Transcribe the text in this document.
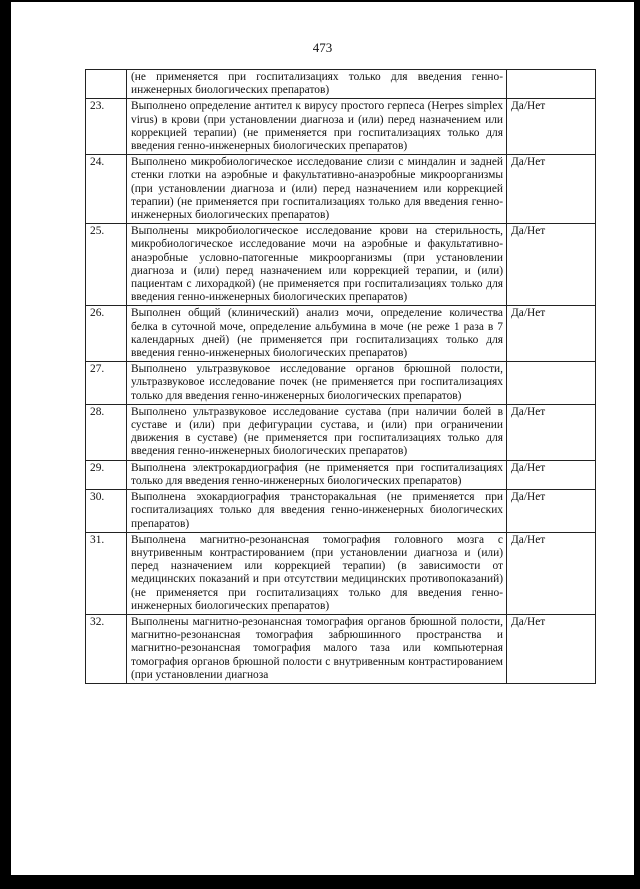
473
	(не применяется при госпитализациях только для введения генно-инженерных биологических препаратов)	
23.	Выполнено определение антител к вирусу простого герпеса (Herpes simplex virus) в крови (при установлении диагноза и (или) перед назначением или коррекцией терапии) (не применяется при госпитализациях только для введения генно-инженерных биологических препаратов)	Да/Нет
24.	Выполнено микробиологическое исследование слизи с миндалин и задней стенки глотки на аэробные и факультативно-анаэробные микроорганизмы (при установлении диагноза и (или) перед назначением или коррекцией терапии) (не применяется при госпитализациях только для введения генно-инженерных биологических препаратов)	Да/Нет
25.	Выполнены микробиологическое исследование крови на стерильность, микробиологическое исследование мочи на аэробные и факультативно-анаэробные условно-патогенные микроорганизмы (при установлении диагноза и (или) перед назначением или коррекцией терапии, и (или) пациентам с лихорадкой) (не применяется при госпитализациях только для введения генно-инженерных биологических препаратов)	Да/Нет
26.	Выполнен общий (клинический) анализ мочи, определение количества белка в суточной моче, определение альбумина в моче (не реже 1 раза в 7 календарных дней) (не применяется при госпитализациях только для введения генно-инженерных биологических препаратов)	Да/Нет
27.	Выполнено ультразвуковое исследование органов брюшной полости, ультразвуковое исследование почек (не применяется при госпитализациях только для введения генно-инженерных биологических препаратов)	
28.	Выполнено ультразвуковое исследование сустава (при наличии болей в суставе и (или) при дефигурации сустава, и (или) при ограничении движения в суставе) (не применяется при госпитализациях только для введения генно-инженерных биологических препаратов)	Да/Нет
29.	Выполнена электрокардиография (не применяется при госпитализациях только для введения генно-инженерных биологических препаратов)	Да/Нет
30.	Выполнена эхокардиография трансторакальная (не применяется при госпитализациях только для введения генно-инженерных биологических препаратов)	Да/Нет
31.	Выполнена магнитно-резонансная томография головного мозга с внутривенным контрастированием (при установлении диагноза и (или) перед назначением или коррекцией терапии) (в зависимости от медицинских показаний и при отсутствии медицинских противопоказаний) (не применяется при госпитализациях только для введения генно-инженерных биологических препаратов)	Да/Нет
32.	Выполнены магнитно-резонансная томография органов брюшной полости, магнитно-резонансная томография забрюшинного пространства и магнитно-резонансная томография малого таза или компьютерная томография органов брюшной полости с внутривенным контрастированием (при установлении диагноза	Да/Нет
